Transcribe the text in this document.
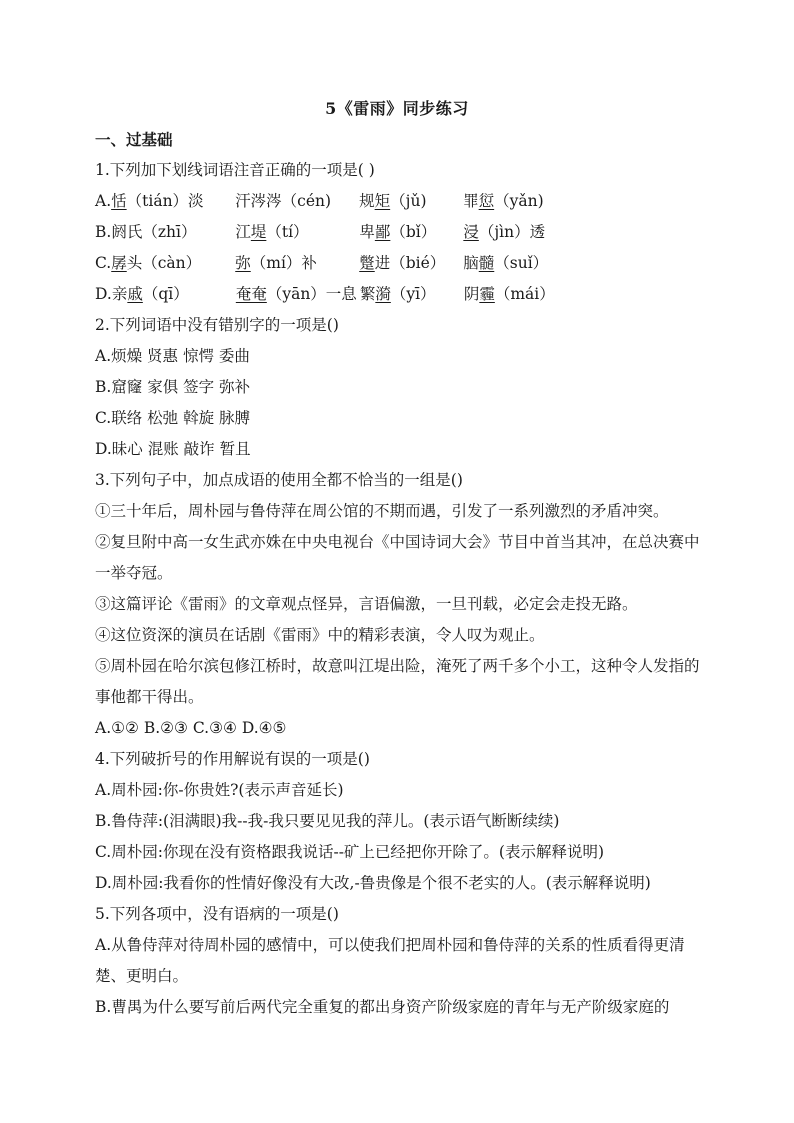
5《雷雨》同步练习
一、过基础
1.下列加下划线词语注音正确的一项是( )
A.恬（tián）淡 汗涔涔（cén) 规矩（jǔ) 罪愆（yǎn)
B.阏氏（zhī）	江堤（tí）	卑鄙（bǐ） 浸（jìn）透
C.孱头（càn） 弥（mí）补	蹩进（bié） 脑髓（suǐ）
D.亲戚（qī）	奄奄（yān）一息 繁漪（yī） 阴霾（mái）
2.下列词语中没有错别字的一项是()
A.烦燥 贤惠 惊愕 委曲
B.窟窿 家俱 签字 弥补
C.联络 松弛 斡旋 脉膊
D.昧心 混账 敲诈 暂且
3.下列句子中，加点成语的使用全都不恰当的一组是()
①三十年后，周朴园与鲁侍萍在周公馆的不期而遇，引发了一系列激烈的矛盾冲突。
②复旦附中高一女生武亦姝在中央电视台《中国诗词大会》节目中首当其冲，在总决赛中一举夺冠。
③这篇评论《雷雨》的文章观点怪异，言语偏激，一旦刊载，必定会走投无路。
④这位资深的演员在话剧《雷雨》中的精彩表演，令人叹为观止。
⑤周朴园在哈尔滨包修江桥时，故意叫江堤出险，淹死了两千多个小工，这种令人发指的事他都干得出。
A.①② B.②③ C.③④ D.④⑤
4.下列破折号的作用解说有误的一项是()
A.周朴园:你-你贵姓?(表示声音延长)
B.鲁侍萍:(泪满眼)我--我-我只要见见我的萍儿。(表示语气断断续续)
C.周朴园:你现在没有资格跟我说话--矿上已经把你开除了。(表示解释说明)
D.周朴园:我看你的性情好像没有大改,-鲁贵像是个很不老实的人。(表示解释说明)
5.下列各项中，没有语病的一项是()
A.从鲁侍萍对待周朴园的感情中，可以使我们把周朴园和鲁侍萍的关系的性质看得更清楚、更明白。
B.曹禺为什么要写前后两代完全重复的都出身资产阶级家庭的青年与无产阶级家庭的
